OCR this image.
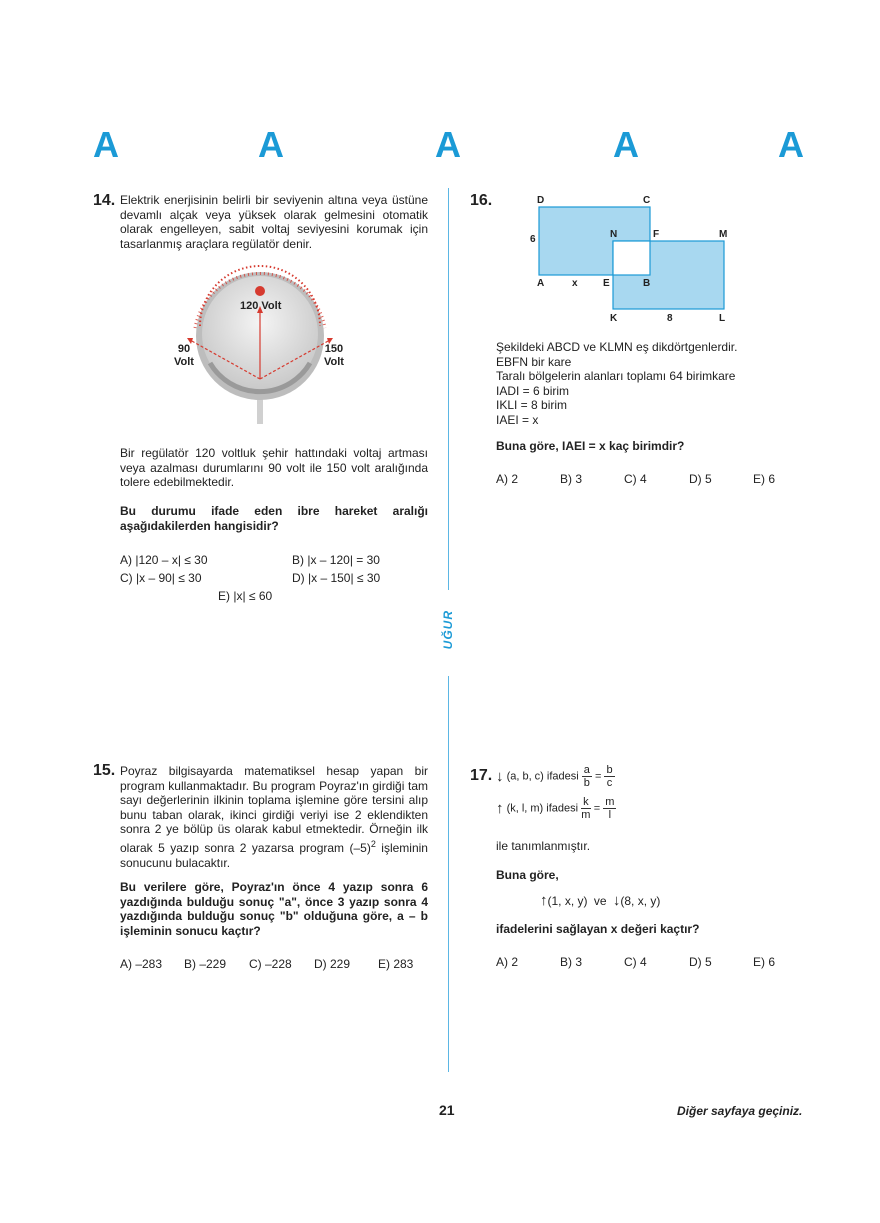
A	A	A	A	A
UĞUR
14. Elektrik enerjisinin belirli bir seviyenin altına veya üstüne devamlı alçak veya yüksek olarak gelmesini otomatik olarak engelleyen, sabit voltaj seviyesini korumak için tasarlanmış araçlara regülatör denir.
120 Volt
90
Volt
150
Volt
Bir regülatör 120 voltluk şehir hattındaki voltaj artması veya azalması durumlarını 90 volt ile 150 volt aralığında tolere edebilmektedir.
Bu durumu ifade eden ibre hareket aralığı aşağıdakilerden hangisidir?
A) |120 – x| ≤ 30	B) |x – 120| = 30
C) |x – 90| ≤ 30	D) |x – 150| ≤ 30
E) |x| ≤ 60
15. Poyraz bilgisayarda matematiksel hesap yapan bir program kullanmaktadır. Bu program Poyraz'ın girdiği tam sayı değerlerinin ilkinin toplama işlemine göre tersini alıp bunu taban olarak, ikinci girdiği veriyi ise 2 eklendikten sonra 2 ye bölüp üs olarak kabul etmektedir. Örneğin ilk olarak 5 yazıp sonra 2 yazarsa program $(-5)^2$ işleminin sonucunu bulacaktır.
Bu verilere göre, Poyraz'ın önce 4 yazıp sonra 6 yazdığında bulduğu sonuç "a", önce 3 yazıp sonra 4 yazdığında bulduğu sonuç "b" olduğuna göre, a – b işleminin sonucu kaçtır?
A) –283 B) –229 C) –228 D) 229 E) 283
16.	D	C
6	N	F	M
A	x	E	B
K	8	L
Şekildeki ABCD ve KLMN eş dikdörtgenlerdir.
EBFN bir kare
Taralı bölgelerin alanları toplamı 64 birimkare
IADI = 6 birim
IKLI = 8 birim
IAEI = x
Buna göre, IAEI = x kaç birimdir?
A) 2	B) 3	C) 4	D) 5	E) 6
17. ↓ (a, b, c) ifadesi $\frac{a}{b} = \frac{b}{c}$
↑ (k, l, m) ifadesi $\frac{k}{m} = \frac{m}{l}$
ile tanımlanmıştır.
Buna göre,
↑(1, x, y) ve ↓(8, x, y)
ifadelerini sağlayan x değeri kaçtır?
A) 2	B) 3	C) 4	D) 5	E) 6
21	Diğer sayfaya geçiniz.
